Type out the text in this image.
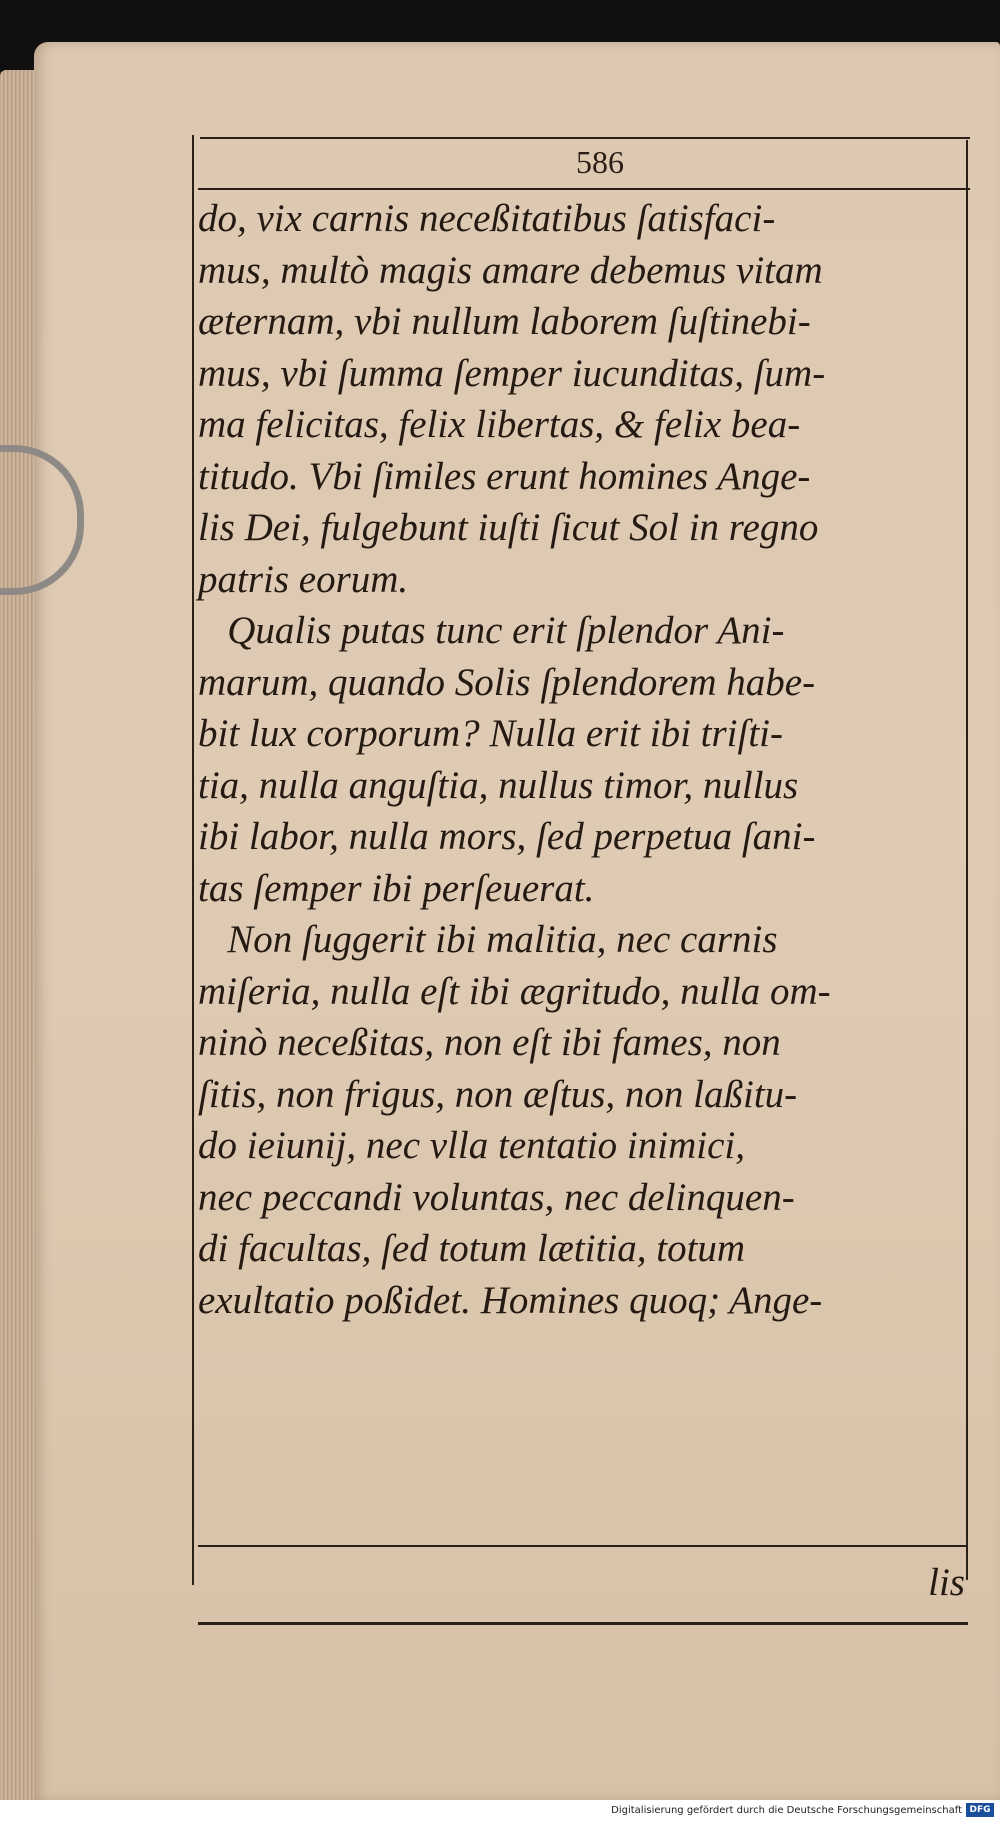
586
do, vix carnis neceßitatibus ſatisfaci-
mus, multò magis amare debemus vitam
æternam, vbi nullum laborem ſuſtinebi-
mus, vbi ſumma ſemper iucunditas, ſum-
ma felicitas, felix libertas, & felix bea-
titudo. Vbi ſimiles erunt homines Ange-
lis Dei, fulgebunt iuſti ſicut Sol in regno
patris eorum.
Qualis putas tunc erit ſplendor Ani-
marum, quando Solis ſplendorem habe-
bit lux corporum? Nulla erit ibi triſti-
tia, nulla anguſtia, nullus timor, nullus
ibi labor, nulla mors, ſed perpetua ſani-
tas ſemper ibi perſeuerat.
Non ſuggerit ibi malitia, nec carnis
miſeria, nulla eſt ibi ægritudo, nulla om-
ninò neceßitas, non eſt ibi fames, non
ſitis, non frigus, non æſtus, non laßitu-
do ieiunij, nec vlla tentatio inimici,
nec peccandi voluntas, nec delinquen-
di facultas, ſed totum lætitia, totum
exultatio poßidet. Homines quoq; Ange-
lis
Digitalisierung gefördert durch die Deutsche Forschungsgemeinschaft DFG
